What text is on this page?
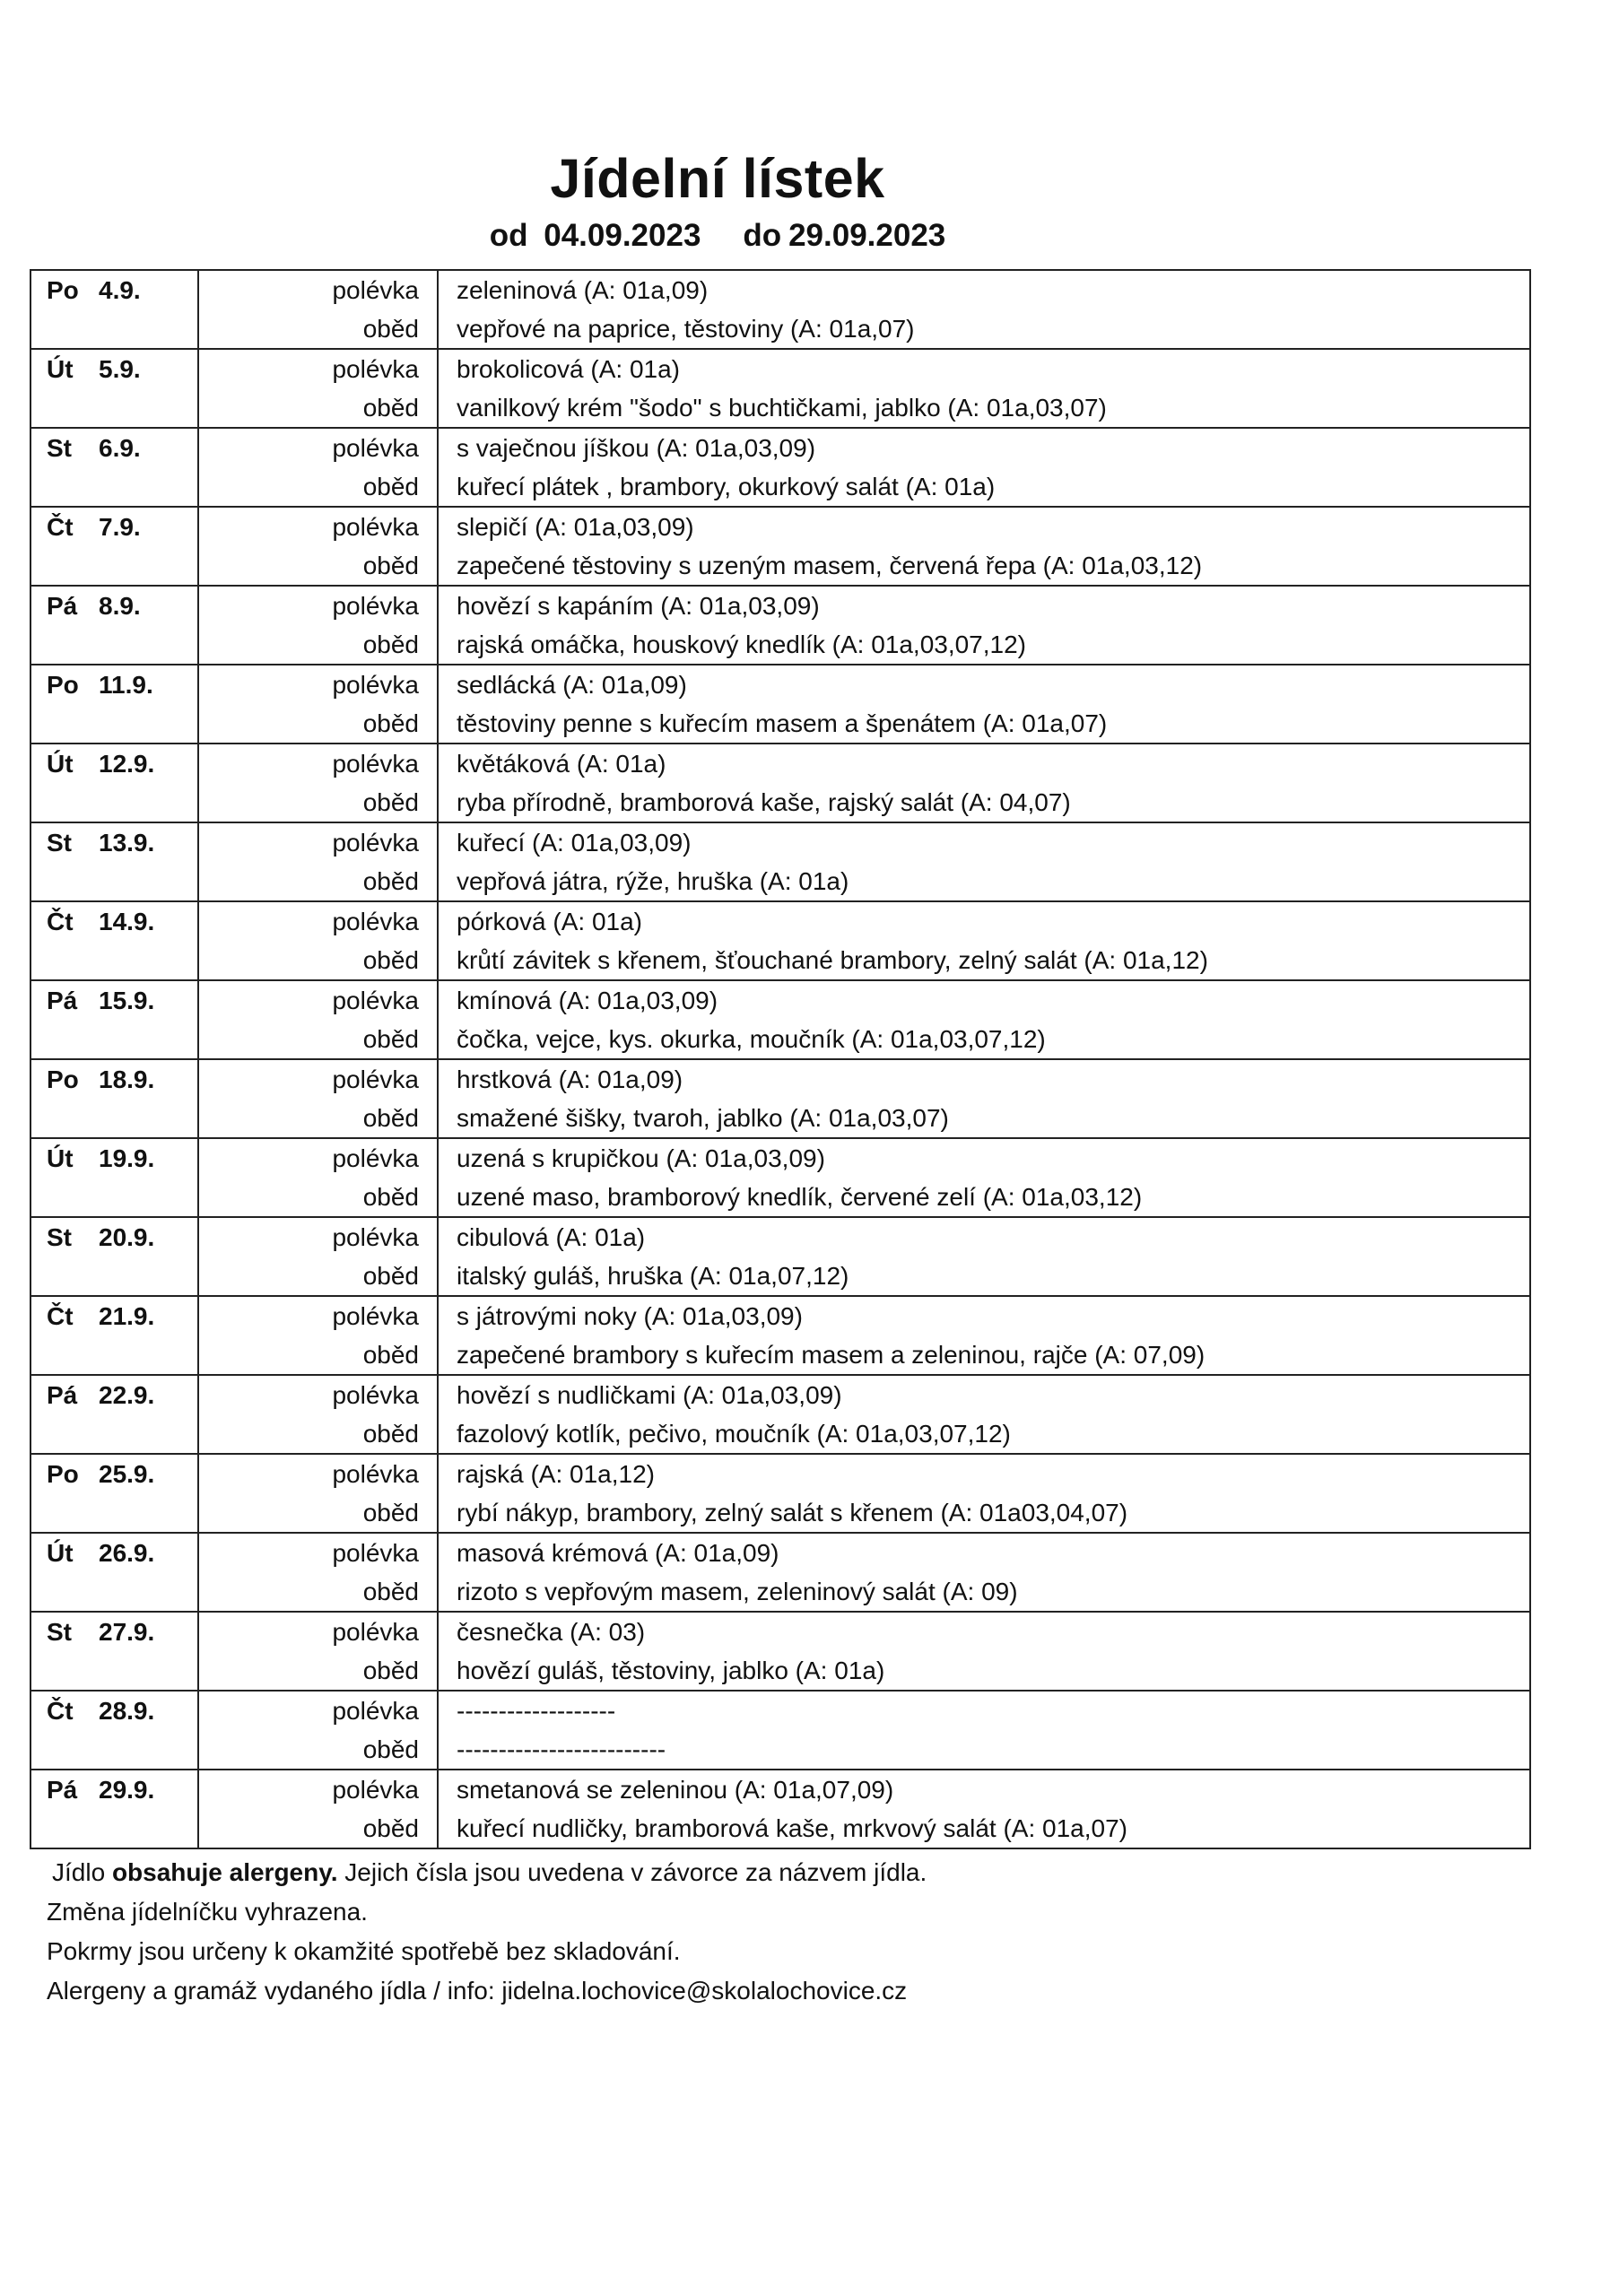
Jídelní lístek
od 04.09.2023 do 29.09.2023
Po 4.9.	polévka	zeleninová (A: 01a,09)
	oběd	vepřové na paprice, těstoviny (A: 01a,07)
Út 5.9.	polévka	brokolicová (A: 01a)
	oběd	vanilkový krém "šodo" s buchtičkami, jablko (A: 01a,03,07)
St 6.9.	polévka	s vaječnou jíškou (A: 01a,03,09)
	oběd	kuřecí plátek , brambory, okurkový salát (A: 01a)
Čt 7.9.	polévka	slepičí (A: 01a,03,09)
	oběd	zapečené těstoviny s uzeným masem, červená řepa (A: 01a,03,12)
Pá 8.9.	polévka	hovězí s kapáním (A: 01a,03,09)
	oběd	rajská omáčka, houskový knedlík (A: 01a,03,07,12)
Po 11.9.	polévka	sedlácká (A: 01a,09)
	oběd	těstoviny penne s kuřecím masem a špenátem (A: 01a,07)
Út 12.9.	polévka	květáková (A: 01a)
	oběd	ryba přírodně, bramborová kaše, rajský salát (A: 04,07)
St 13.9.	polévka	kuřecí (A: 01a,03,09)
	oběd	vepřová játra, rýže, hruška (A: 01a)
Čt 14.9.	polévka	pórková (A: 01a)
	oběd	krůtí závitek s křenem, šťouchané brambory, zelný salát (A: 01a,12)
Pá 15.9.	polévka	kmínová (A: 01a,03,09)
	oběd	čočka, vejce, kys. okurka, moučník (A: 01a,03,07,12)
Po 18.9.	polévka	hrstková (A: 01a,09)
	oběd	smažené šišky, tvaroh, jablko (A: 01a,03,07)
Út 19.9.	polévka	uzená s krupičkou (A: 01a,03,09)
	oběd	uzené maso, bramborový knedlík, červené zelí (A: 01a,03,12)
St 20.9.	polévka	cibulová (A: 01a)
	oběd	italský guláš, hruška (A: 01a,07,12)
Čt 21.9.	polévka	s játrovými noky (A: 01a,03,09)
	oběd	zapečené brambory s kuřecím masem a zeleninou, rajče (A: 07,09)
Pá 22.9.	polévka	hovězí s nudličkami (A: 01a,03,09)
	oběd	fazolový kotlík, pečivo, moučník (A: 01a,03,07,12)
Po 25.9.	polévka	rajská (A: 01a,12)
	oběd	rybí nákyp, brambory, zelný salát s křenem (A: 01a03,04,07)
Út 26.9.	polévka	masová krémová (A: 01a,09)
	oběd	rizoto s vepřovým masem, zeleninový salát (A: 09)
St 27.9.	polévka	česnečka (A: 03)
	oběd	hovězí guláš, těstoviny, jablko (A: 01a)
Čt 28.9.	polévka	-------------------
	oběd	-------------------------
Pá 29.9.	polévka	smetanová se zeleninou (A: 01a,07,09)
	oběd	kuřecí nudličky, bramborová kaše, mrkvový salát (A: 01a,07)
Jídlo obsahuje alergeny. Jejich čísla jsou uvedena v závorce za názvem jídla.
Změna jídelníčku vyhrazena.
Pokrmy jsou určeny k okamžité spotřebě bez skladování.
Alergeny a gramáž vydaného jídla / info: jidelna.lochovice@skolalochovice.cz
